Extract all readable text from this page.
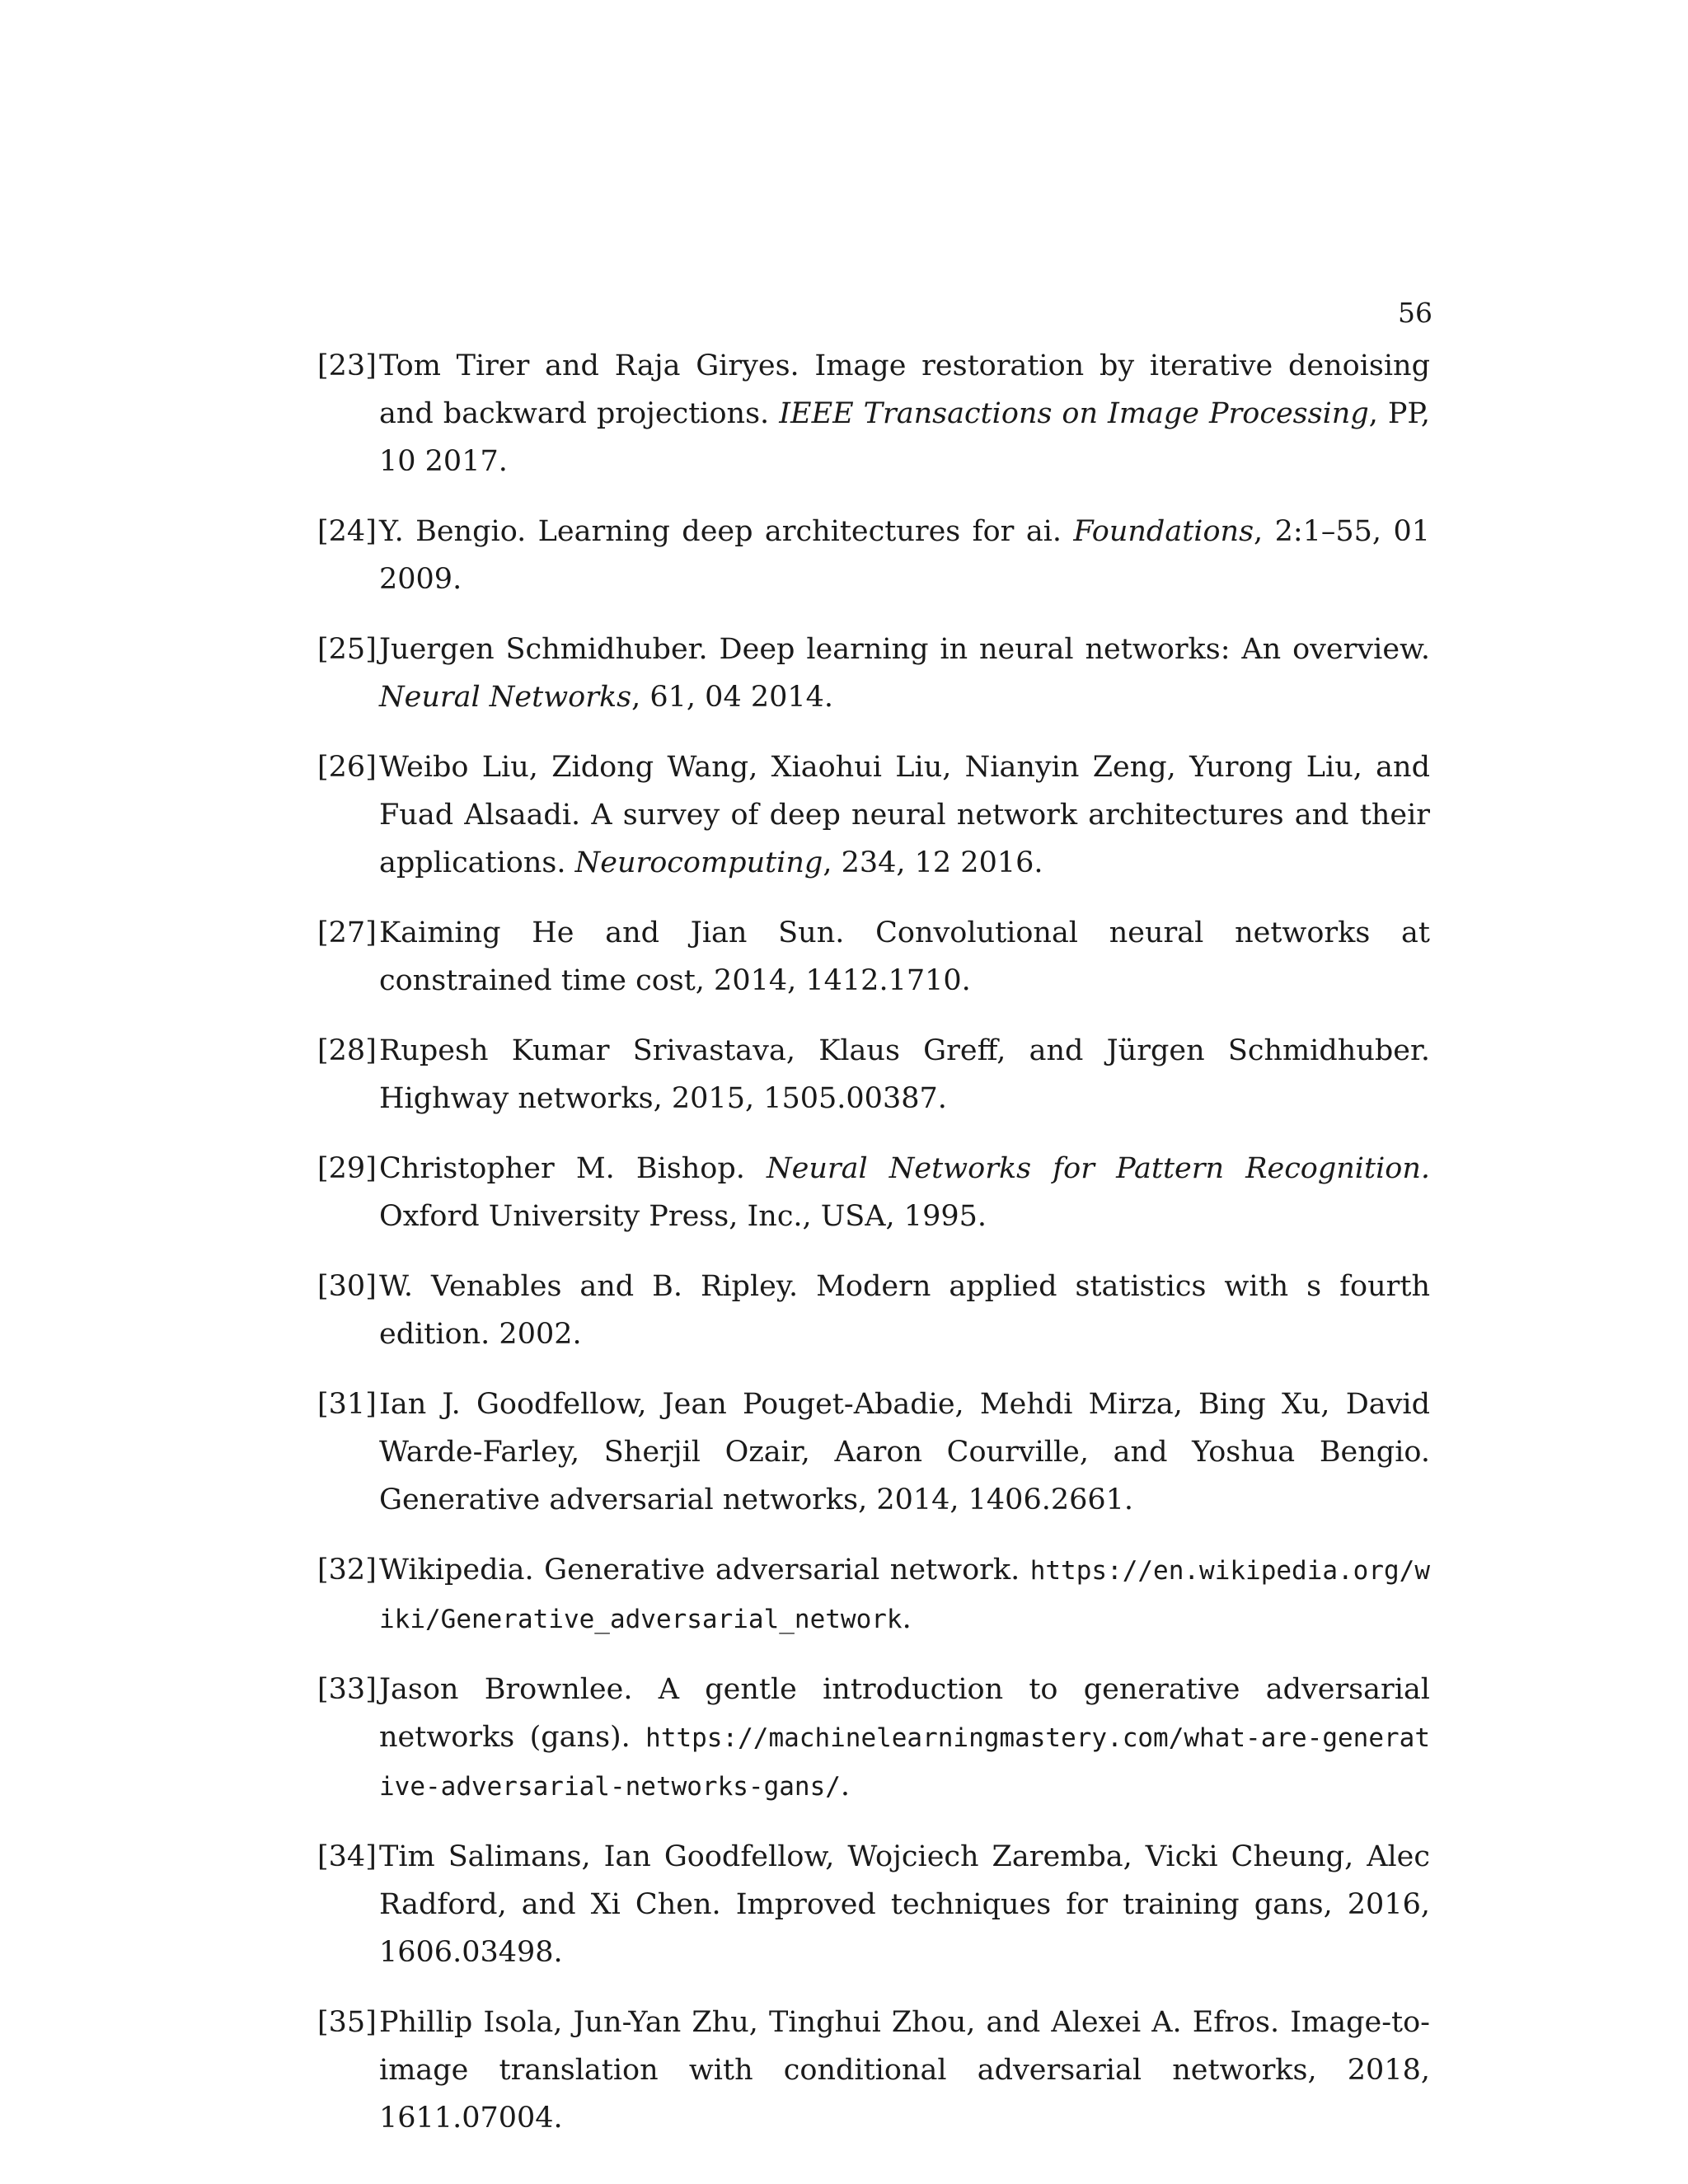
56
[23] Tom Tirer and Raja Giryes. Image restoration by iterative denoising and backward projections. IEEE Transactions on Image Processing, PP, 10 2017.
[24] Y. Bengio. Learning deep architectures for ai. Foundations, 2:1–55, 01 2009.
[25] Juergen Schmidhuber. Deep learning in neural networks: An overview. Neural Networks, 61, 04 2014.
[26] Weibo Liu, Zidong Wang, Xiaohui Liu, Nianyin Zeng, Yurong Liu, and Fuad Alsaadi. A survey of deep neural network architectures and their applications. Neurocomputing, 234, 12 2016.
[27] Kaiming He and Jian Sun. Convolutional neural networks at constrained time cost, 2014, 1412.1710.
[28] Rupesh Kumar Srivastava, Klaus Greff, and Jürgen Schmidhuber. Highway networks, 2015, 1505.00387.
[29] Christopher M. Bishop. Neural Networks for Pattern Recognition. Oxford University Press, Inc., USA, 1995.
[30] W. Venables and B. Ripley. Modern applied statistics with s fourth edition. 2002.
[31] Ian J. Goodfellow, Jean Pouget-Abadie, Mehdi Mirza, Bing Xu, David Warde-Farley, Sherjil Ozair, Aaron Courville, and Yoshua Bengio. Generative adversarial networks, 2014, 1406.2661.
[32] Wikipedia. Generative adversarial network. https://en.wikipedia.org/wiki/Generative_adversarial_network.
[33] Jason Brownlee. A gentle introduction to generative adversarial networks (gans). https://machinelearningmastery.com/what-are-generative-adversarial-networks-gans/.
[34] Tim Salimans, Ian Goodfellow, Wojciech Zaremba, Vicki Cheung, Alec Radford, and Xi Chen. Improved techniques for training gans, 2016, 1606.03498.
[35] Phillip Isola, Jun-Yan Zhu, Tinghui Zhou, and Alexei A. Efros. Image-to-image translation with conditional adversarial networks, 2018, 1611.07004.
